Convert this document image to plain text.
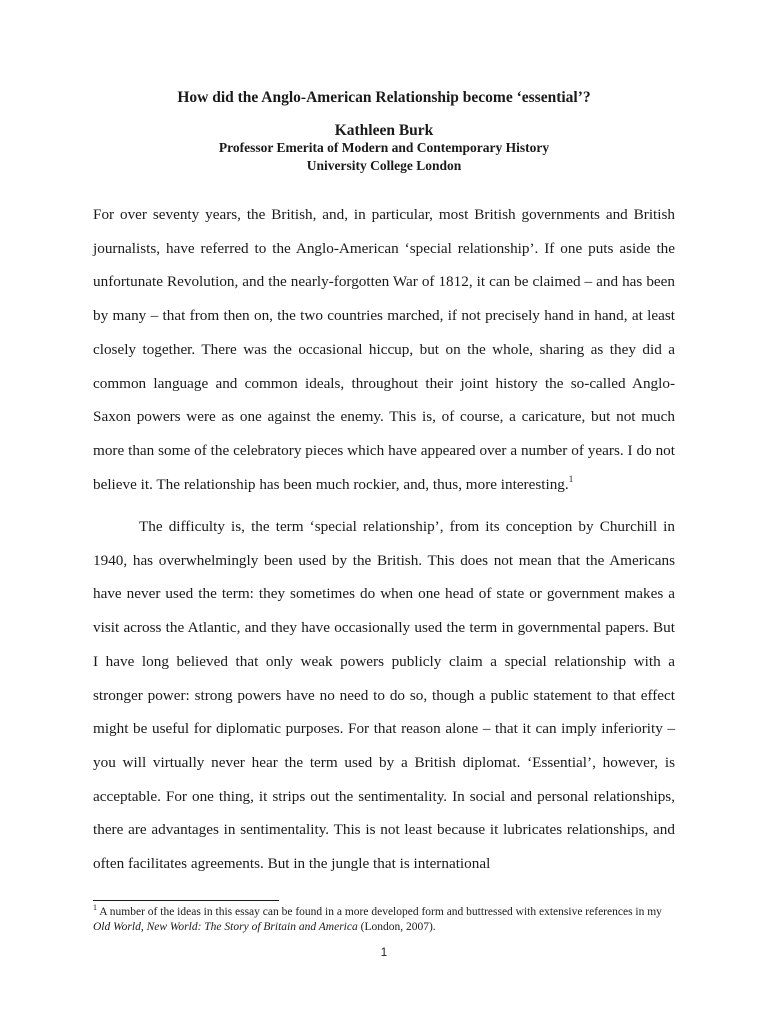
How did the Anglo-American Relationship become ‘essential’?

Kathleen Burk

Professor Emerita of Modern and Contemporary History

University College London

For over seventy years, the British, and, in particular, most British governments and British journalists, have referred to the Anglo-American ‘special relationship’. If one puts aside the unfortunate Revolution, and the nearly-forgotten War of 1812, it can be claimed – and has been by many – that from then on, the two countries marched, if not precisely hand in hand, at least closely together. There was the occasional hiccup, but on the whole, sharing as they did a common language and common ideals, throughout their joint history the so-called Anglo-Saxon powers were as one against the enemy. This is, of course, a caricature, but not much more than some of the celebratory pieces which have appeared over a number of years. I do not believe it. The relationship has been much rockier, and, thus, more interesting.$^1$

The difficulty is, the term ‘special relationship’, from its conception by Churchill in 1940, has overwhelmingly been used by the British. This does not mean that the Americans have never used the term: they sometimes do when one head of state or government makes a visit across the Atlantic, and they have occasionally used the term in governmental papers. But I have long believed that only weak powers publicly claim a special relationship with a stronger power: strong powers have no need to do so, though a public statement to that effect might be useful for diplomatic purposes. For that reason alone – that it can imply inferiority – you will virtually never hear the term used by a British diplomat. ‘Essential’, however, is acceptable. For one thing, it strips out the sentimentality. In social and personal relationships, there are advantages in sentimentality. This is not least because it lubricates relationships, and often facilitates agreements. But in the jungle that is international

$^1$ A number of the ideas in this essay can be found in a more developed form and buttressed with extensive references in my Old World, New World: The Story of Britain and America (London, 2007).

1
